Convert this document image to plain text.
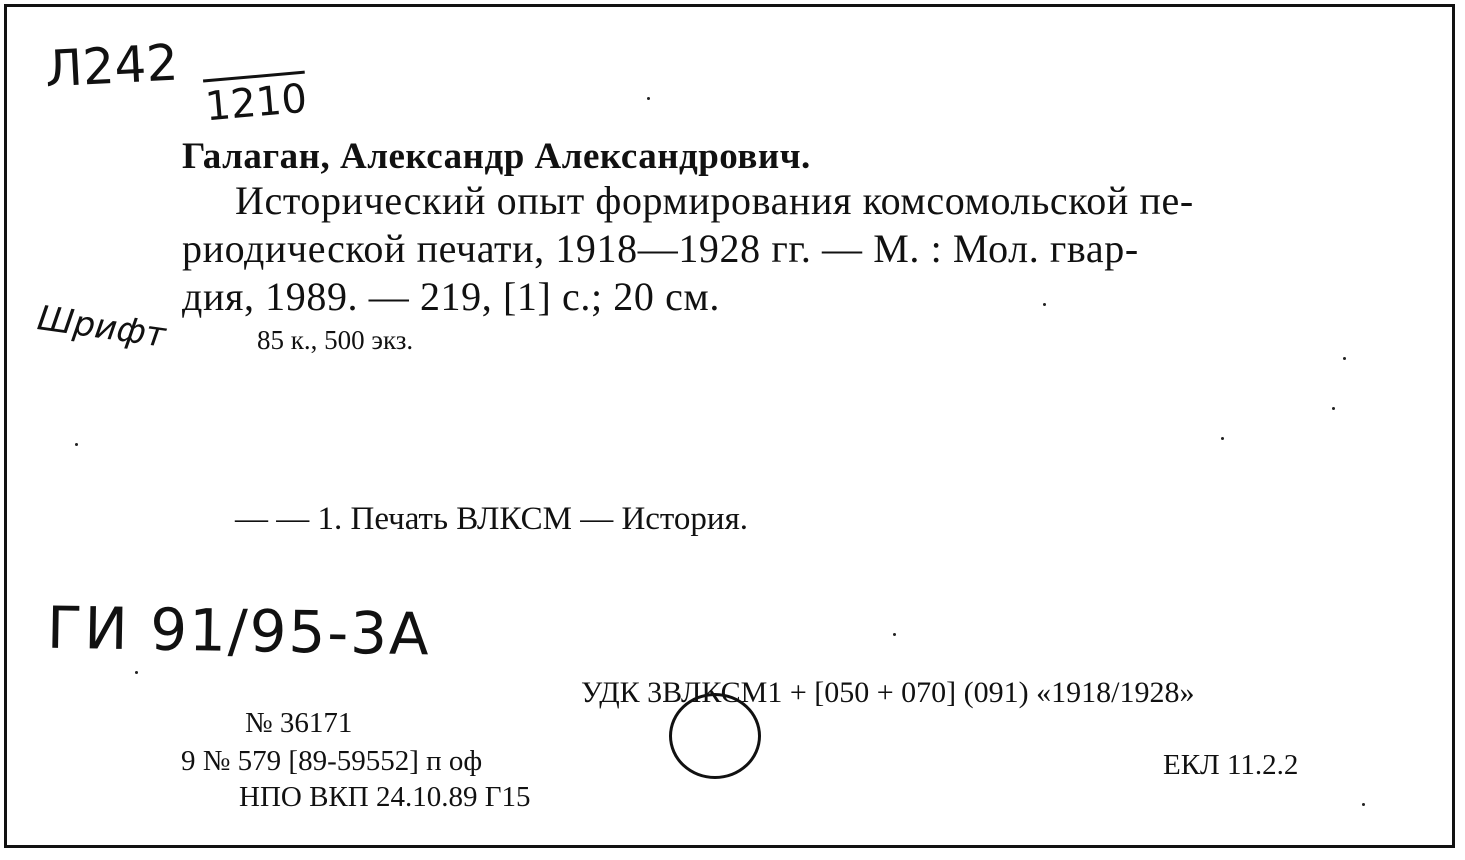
Л242
1210
Галаган, Александр Александрович.
Исторический опыт формирования комсомольской пе-
риодической печати, 1918—1928 гг. — М. : Мол. гвар-
дия, 1989. — 219, [1] с.; 20 см.
Шрифт	85 к., 500 экз.
— — 1. Печать ВЛКСМ — История.
ГИ 91/95-3А
УДК 3ВЛКСМ1 + [050 + 070] (091) «1918/1928»
№ 36171
9 № 579 [89-59552] п оф
НПО ВКП 24.10.89 Г15
ЕКЛ 11.2.2
